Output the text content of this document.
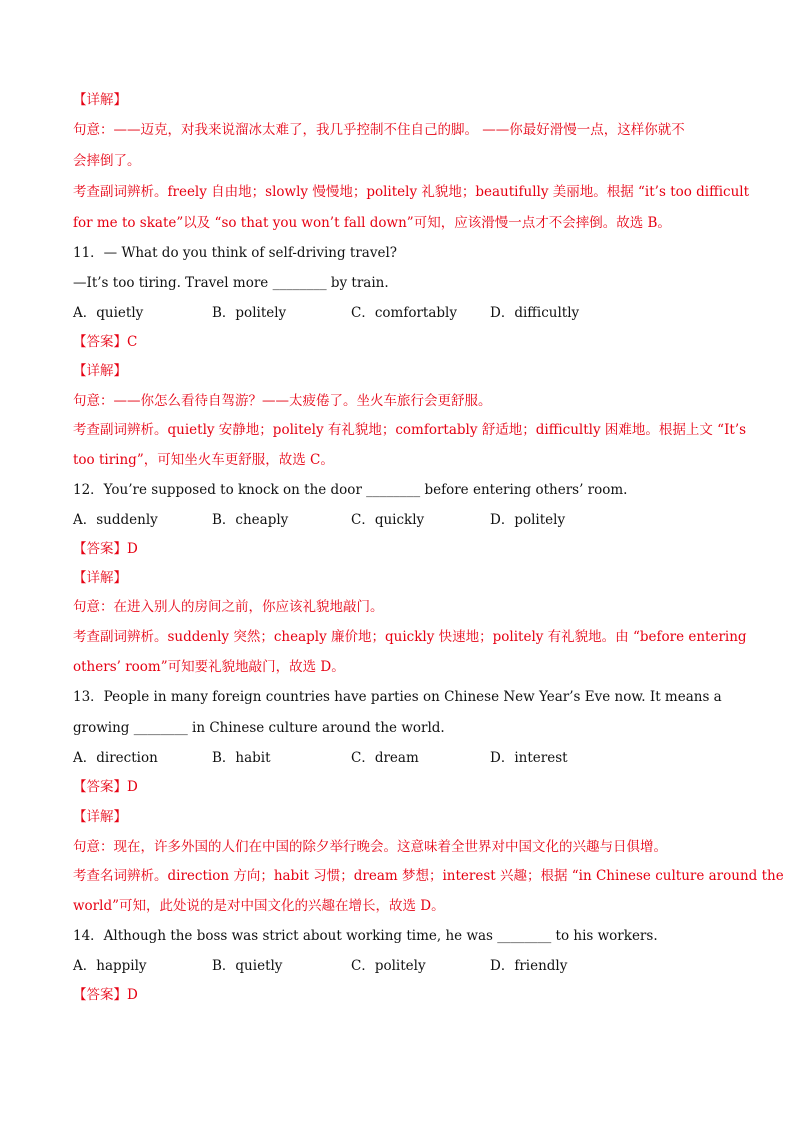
【详解】
句意：——迈克，对我来说溜冰太难了，我几乎控制不住自己的脚。 ——你最好滑慢一点，这样你就不
会摔倒了。
考查副词辨析。freely 自由地；slowly 慢慢地；politely 礼貌地；beautifully 美丽地。根据 “it’s too difficult
for me to skate”以及 “so that you won’t fall down”可知，应该滑慢一点才不会摔倒。故选 B。
11．— What do you think of self-driving travel?
—It’s too tiring. Travel more ________ by train.
A．quietly	B．politely	C．comfortably D．difficultly
【答案】C
【详解】
句意：——你怎么看待自驾游？——太疲倦了。坐火车旅行会更舒服。
考查副词辨析。quietly 安静地；politely 有礼貌地；comfortably 舒适地；difficultly 困难地。根据上文 “It’s
too tiring”，可知坐火车更舒服，故选 C。
12．You’re supposed to knock on the door ________ before entering others’ room.
A．suddenly	B．cheaply	C．quickly	D．politely
【答案】D
【详解】
句意：在进入别人的房间之前，你应该礼貌地敲门。
考查副词辨析。suddenly 突然；cheaply 廉价地；quickly 快速地；politely 有礼貌地。由 “before entering
others’ room”可知要礼貌地敲门，故选 D。
13．People in many foreign countries have parties on Chinese New Year’s Eve now. It means a
growing ________ in Chinese culture around the world.
A．direction	B．habit	C．dream	D．interest
【答案】D
【详解】
句意：现在，许多外国的人们在中国的除夕举行晚会。这意味着全世界对中国文化的兴趣与日俱增。
考查名词辨析。direction 方向；habit 习惯；dream 梦想；interest 兴趣；根据 “in Chinese culture around the
world”可知，此处说的是对中国文化的兴趣在增长，故选 D。
14．Although the boss was strict about working time, he was ________ to his workers.
A．happily	B．quietly	C．politely	D．friendly
【答案】D
